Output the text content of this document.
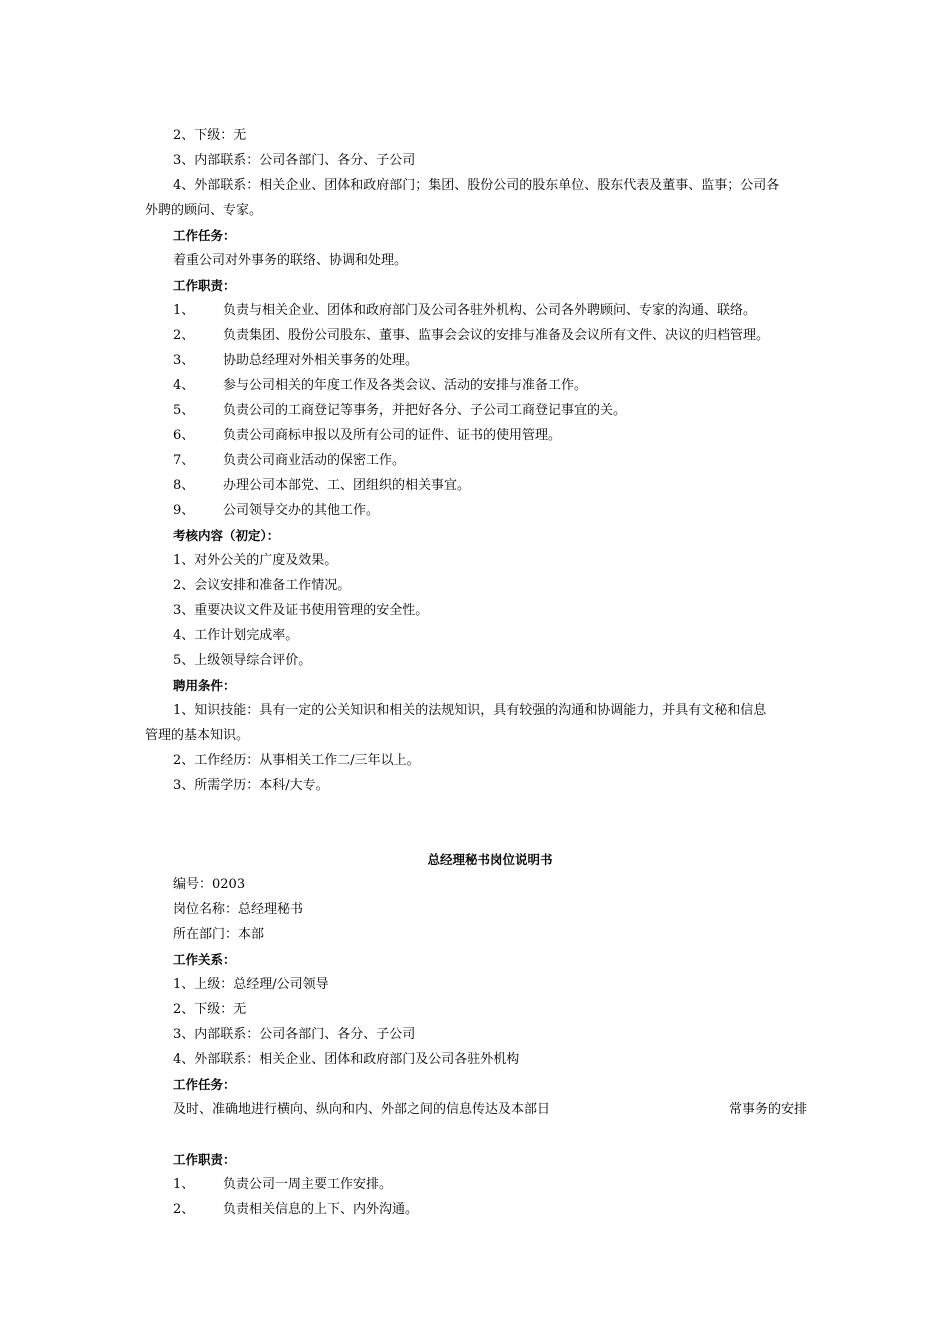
2、下级：无
3、内部联系：公司各部门、各分、子公司
4、外部联系：相关企业、团体和政府部门；集团、股份公司的股东单位、股东代表及董事、监事；公司各
外聘的顾问、专家。
工作任务：
着重公司对外事务的联络、协调和处理。
工作职责：
1、 负责与相关企业、团体和政府部门及公司各驻外机构、公司各外聘顾问、专家的沟通、联络。
2、 负责集团、股份公司股东、董事、监事会会议的安排与准备及会议所有文件、决议的归档管理。
3、 协助总经理对外相关事务的处理。
4、 参与公司相关的年度工作及各类会议、活动的安排与准备工作。
5、 负责公司的工商登记等事务，并把好各分、子公司工商登记事宜的关。
6、 负责公司商标申报以及所有公司的证件、证书的使用管理。
7、 负责公司商业活动的保密工作。
8、 办理公司本部党、工、团组织的相关事宜。
9、 公司领导交办的其他工作。
考核内容（初定）：
1、对外公关的广度及效果。
2、会议安排和准备工作情况。
3、重要决议文件及证书使用管理的安全性。
4、工作计划完成率。
5、上级领导综合评价。
聘用条件：
1、知识技能：具有一定的公关知识和相关的法规知识，具有较强的沟通和协调能力，并具有文秘和信息
管理的基本知识。
2、工作经历：从事相关工作二/三年以上。
3、所需学历：本科/大专。
总经理秘书岗位说明书
编号：0203
岗位名称：总经理秘书
所在部门：本部
工作关系：
1、上级：总经理/公司领导
2、下级：无
3、内部联系：公司各部门、各分、子公司
4、外部联系：相关企业、团体和政府部门及公司各驻外机构
工作任务：
及时、准确地进行横向、纵向和内、外部之间的信息传达及本部日	常事务的安排
工作职责：
1、 负责公司一周主要工作安排。
2、 负责相关信息的上下、内外沟通。
